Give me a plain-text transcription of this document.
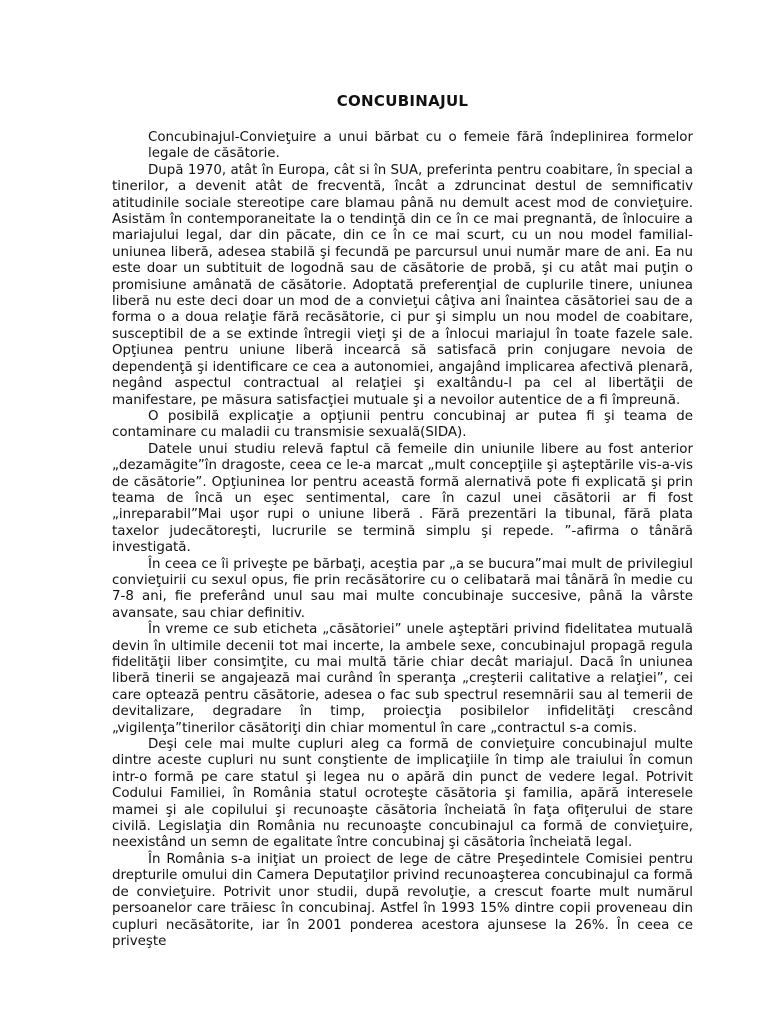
CONCUBINAJUL

Concubinajul-Convieţuire a unui bărbat cu o femeie fără îndeplinirea formelor legale de căsătorie.

După 1970, atât în Europa, cât si în SUA, preferinta pentru coabitare, în special a tinerilor, a devenit atât de frecventă, încât a zdruncinat destul de semnificativ atitudinile sociale stereotipe care blamau până nu demult acest mod de convieţuire. Asistăm în contemporaneitate la o tendinţă din ce în ce mai pregnantă, de înlocuire a mariajului legal, dar din păcate, din ce în ce mai scurt, cu un nou model familial-uniunea liberă, adesea stabilă şi fecundă pe parcursul unui număr mare de ani. Ea nu este doar un subtituit de logodnă sau de căsătorie de probă, şi cu atât mai puţin o promisiune amânată de căsătorie. Adoptată preferenţial de cuplurile tinere, uniunea liberă nu este deci doar un mod de a convieţui câţiva ani înaintea căsătoriei sau de a forma o a doua relaţie fără recăsătorie, ci pur şi simplu un nou model de coabitare, susceptibil de a se extinde întregii vieţi şi de a înlocui mariajul în toate fazele sale. Opţiunea pentru uniune liberă incearcă să satisfacă prin conjugare nevoia de dependenţă şi identificare ce cea a autonomiei, angajând implicarea afectivă plenară, negând aspectul contractual al relaţiei şi exaltându-l pa cel al libertăţii de manifestare, pe măsura satisfacţiei mutuale şi a nevoilor autentice de a fi împreună.

O posibilă explicaţie a opţiunii pentru concubinaj ar putea fi şi teama de contaminare cu maladii cu transmisie sexuală(SIDA).

Datele unui studiu relevă faptul că femeile din uniunile libere au fost anterior „dezamăgite”în dragoste, ceea ce le-a marcat „mult concepţiile şi aşteptările vis-a-vis de căsătorie”. Opţiuninea lor pentru această formă alernativă pote fi explicată şi prin teama de încă un eşec sentimental, care în cazul unei căsătorii ar fi fost „inreparabil”Mai uşor rupi o uniune liberă . Fără prezentări la tibunal, fără plata taxelor judecătoreşti, lucrurile se termină simplu şi repede. ”-afirma o tânără investigată.

În ceea ce îi priveşte pe bărbaţi, aceştia par „a se bucura”mai mult de privilegiul convieţuirii cu sexul opus, fie prin recăsătorire cu o celibatară mai tânără în medie cu 7-8 ani, fie preferând unul sau mai multe concubinaje succesive, până la vârste avansate, sau chiar definitiv.

În vreme ce sub eticheta „căsătoriei” unele aşteptări privind fidelitatea mutuală devin în ultimile decenii tot mai incerte, la ambele sexe, concubinajul propagă regula fidelităţii liber consimţite, cu mai multă tărie chiar decât mariajul. Dacă în uniunea liberă tinerii se angajează mai curând în speranţa „creşterii calitative a relaţiei”, cei care optează pentru căsătorie, adesea o fac sub spectrul resemnării sau al temerii de devitalizare, degradare în timp, proiecţia posibilelor infidelităţi crescând „vigilenţa”tinerilor căsătoriţi din chiar momentul în care „contractul s-a comis.

Deşi cele mai multe cupluri aleg ca formă de convieţuire concubinajul multe dintre aceste cupluri nu sunt conştiente de implicaţiile în timp ale traiului în comun intr-o formă pe care statul şi legea nu o apără din punct de vedere legal. Potrivit Codului Familiei, în România statul ocroteşte căsătoria şi familia, apără interesele mamei şi ale copilului şi recunoaşte căsătoria încheiată în faţa ofiţerului de stare civilă. Legislaţia din România nu recunoaşte concubinajul ca formă de convieţuire, neexistând un semn de egalitate între concubinaj şi căsătoria încheiată legal.

În România s-a iniţiat un proiect de lege de către Preşedintele Comisiei pentru drepturile omului din Camera Deputaţilor privind recunoaşterea concubinajul ca formă de convieţuire. Potrivit unor studii, după revoluţie, a crescut foarte mult numărul persoanelor care trăiesc în concubinaj. Astfel în 1993 15% dintre copii proveneau din cupluri necăsătorite, iar în 2001 ponderea acestora ajunsese la 26%. În ceea ce priveşte
